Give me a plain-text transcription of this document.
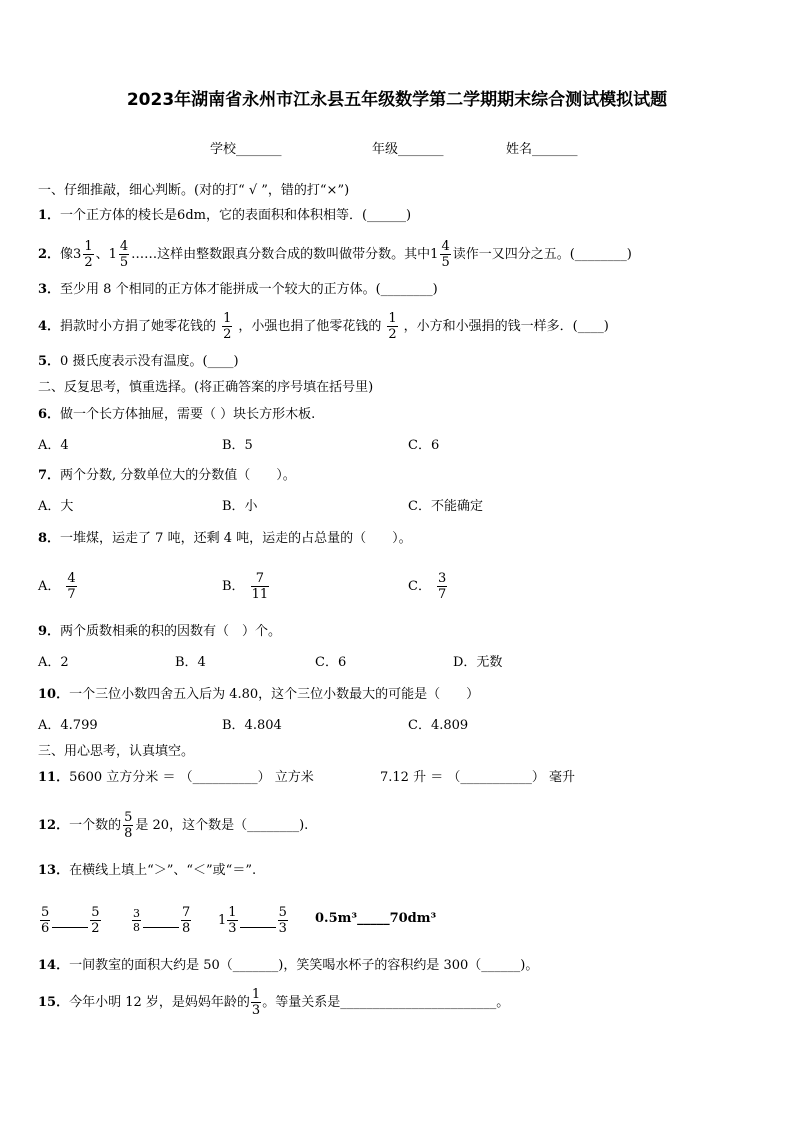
2023年湖南省永州市江永县五年级数学第二学期期末综合测试模拟试题
学校_______	年级_______	姓名_______
一、仔细推敲，细心判断。(对的打“ √ ”，错的打“×”)
1．一个正方体的棱长是6dm，它的表面积和体积相等．(______)
2． 像$3 \frac{1}{2}$ 、$1 \frac{4}{5}$ ……这样由整数跟真分数合成的数叫做带分数。其中$1 \frac{4}{5}$ 读作一又四分之五。(________)
3．至少用 8 个相同的正方体才能拼成一个较大的正方体。(________)
4． 捐款时小方捐了她零花钱的 $\frac{1}{2}$ ，小强也捐了他零花钱的 $\frac{1}{2}$ ，小方和小强捐的钱一样多．(____)
5．0 摄氏度表示没有温度。(____)
二、反复思考，慎重选择。(将正确答案的序号填在括号里)
6．做一个长方体抽屉，需要（ ）块长方形木板.
A．4	B．5	C．6
7．两个分数, 分数单位大的分数值（　　）。
A．大	B．小	C．不能确定
8．一堆煤，运走了 7 吨，还剩 4 吨，运走的占总量的（　　）。
A． $\frac{4}{7}$	B． $\frac{7}{11}$	C． $\frac{3}{7}$
9．两个质数相乘的积的因数有（　）个。
A．2	B．4	C．6	D．无数
10．一个三位小数四舍五入后为 4.80，这个三位小数最大的可能是（　　）
A．4.799	B．4.804	C．4.809
三、用心思考，认真填空。
11．5600 立方分米 ＝ （__________） 立方米	7.12 升 ＝ （___________） 毫升
12． 一个数的 $\frac{5}{8}$ 是 20，这个数是（________).
13．在横线上填上“＞”、“＜”或“＝”.
$\frac{5}{6}$	$\frac{5}{2}$	$\frac{3}{8}$	$\frac{7}{8} 1 \frac{1}{3}$	$\frac{5}{3}$ 0.5m³_____70dm³
14．一间教室的面积大约是 50（_______)，笑笑喝水杯子的容积约是 300（______)。
15． 今年小明 12 岁，是妈妈年龄的 $\frac{1}{3}$ 。等量关系是________________________。
